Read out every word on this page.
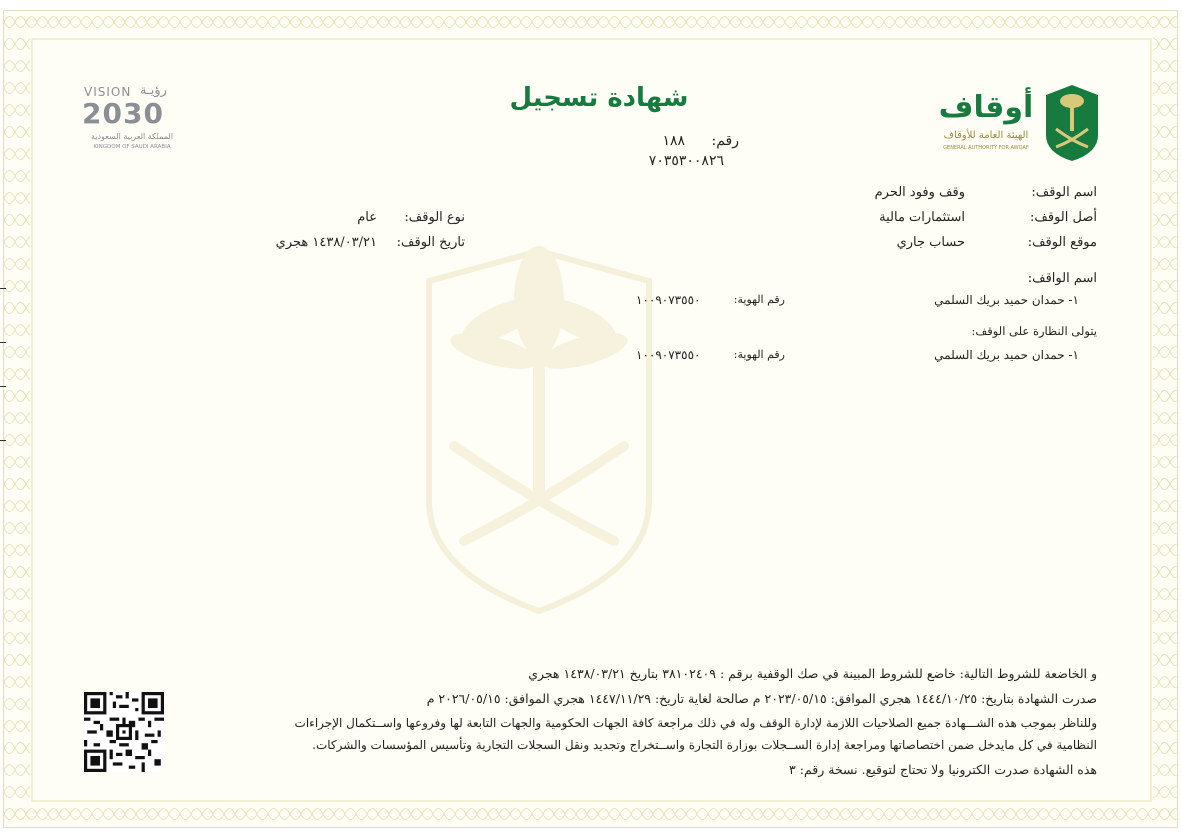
أوقاف
الهيئة العامة للأوقاف
GENERAL AUTHORITY FOR AWQAF
VISION رؤيـة
2030
المملكة العربية السعودية
KINGDOM OF SAUDI ARABIA
شهادة تسجيل
رقم: ١٨٨
٧٠٣٥٣٠٠٨٢٦
اسم الوقف:
وقف وفود الحرم
أصل الوقف:
استثمارات مالية
موقع الوقف:
حساب جاري
نوع الوقف:
عام
تاريخ الوقف:
١٤٣٨/٠٣/٢١ هجري
اسم الواقف:
١- حمدان حميد بريك السلمي
رقم الهوية:
١٠٠٩٠٧٣٥٥٠
يتولى النظارة على الوقف:
١- حمدان حميد بريك السلمي
رقم الهوية:
١٠٠٩٠٧٣٥٥٠
و الخاضعة للشروط التالية: خاضع للشروط المبينة في صك الوقفية برقم : ٣٨١٠٢٤٠٩ بتاريخ ١٤٣٨/٠٣/٢١ هجري
صدرت الشهادة بتاريخ: ١٤٤٤/١٠/٢٥ هجري الموافق: ٢٠٢٣/٠٥/١٥ م صالحة لغاية تاريخ: ١٤٤٧/١١/٢٩ هجري الموافق: ٢٠٢٦/٠٥/١٥ م
وللناظر بموجب هذه الشـــهادة جميع الصلاحيات اللازمة لإدارة الوقف وله في ذلك مراجعة كافة الجهات الحكومية والجهات التابعة لها وفروعها واســتكمال الإجراءات
النظامية في كل مايدخل ضمن اختصاصاتها ومراجعة إدارة الســجلات بوزارة التجارة واســتخراج وتجديد ونقل السجلات التجارية وتأسيس المؤسسات والشركات.
هذه الشهادة صدرت الكترونيا ولا تحتاج لتوقيع. نسخة رقم: ٣
